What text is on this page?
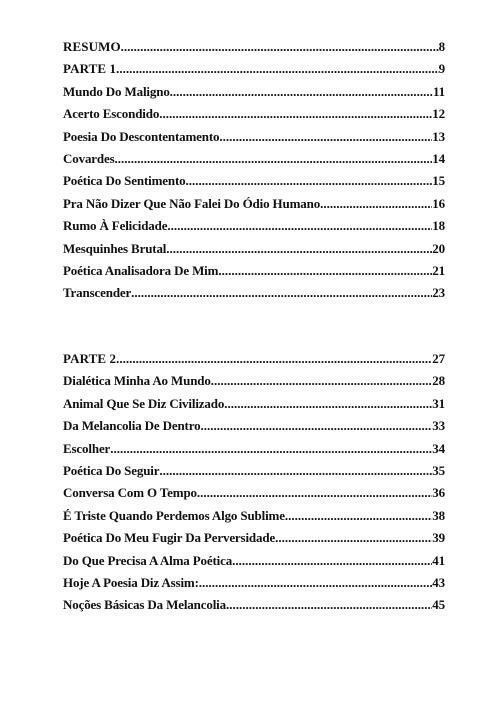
RESUMO .....	8
PARTE 1 .....	9
Mundo Do Maligno .....	11
Acerto Escondido .....	12
Poesia Do Descontentamento .....	13
Covardes .....	14
Poética Do Sentimento .....	15
Pra Não Dizer Que Não Falei Do Ódio Humano .....	16
Rumo À Felicidade .....	18
Mesquinhes Brutal .....	20
Poética Analisadora De Mim .....	21
Transcender .....	23
PARTE 2 .....	27
Dialética Minha Ao Mundo .....	28
Animal Que Se Diz Civilizado .....	31
Da Melancolia De Dentro .....	33
Escolher .....	34
Poética Do Seguir .....	35
Conversa Com O Tempo .....	36
É Triste Quando Perdemos Algo Sublime .....	38
Poética Do Meu Fugir Da Perversidade .....	39
Do Que Precisa A Alma Poética .....	41
Hoje A Poesia Diz Assim: .....	43
Noções Básicas Da Melancolia .....	45
